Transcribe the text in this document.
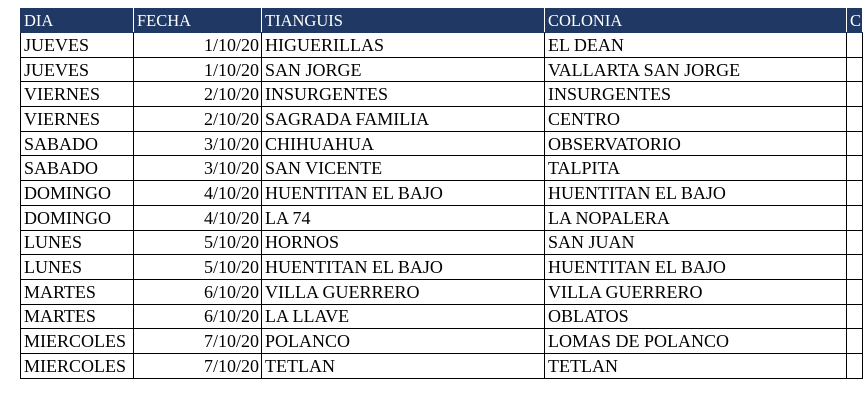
DIA	FECHA	TIANGUIS	COLONIA	C
JUEVES	1/10/20	HIGUERILLAS	EL DEAN	
JUEVES	1/10/20	SAN JORGE	VALLARTA SAN JORGE	
VIERNES	2/10/20	INSURGENTES	INSURGENTES	
VIERNES	2/10/20	SAGRADA FAMILIA	CENTRO	
SABADO	3/10/20	CHIHUAHUA	OBSERVATORIO	
SABADO	3/10/20	SAN VICENTE	TALPITA	
DOMINGO	4/10/20	HUENTITAN EL BAJO	HUENTITAN EL BAJO	
DOMINGO	4/10/20	LA 74	LA NOPALERA	
LUNES	5/10/20	HORNOS	SAN JUAN	
LUNES	5/10/20	HUENTITAN EL BAJO	HUENTITAN EL BAJO	
MARTES	6/10/20	VILLA GUERRERO	VILLA GUERRERO	
MARTES	6/10/20	LA LLAVE	OBLATOS	
MIERCOLES	7/10/20	POLANCO	LOMAS DE POLANCO	
MIERCOLES	7/10/20	TETLAN	TETLAN	
